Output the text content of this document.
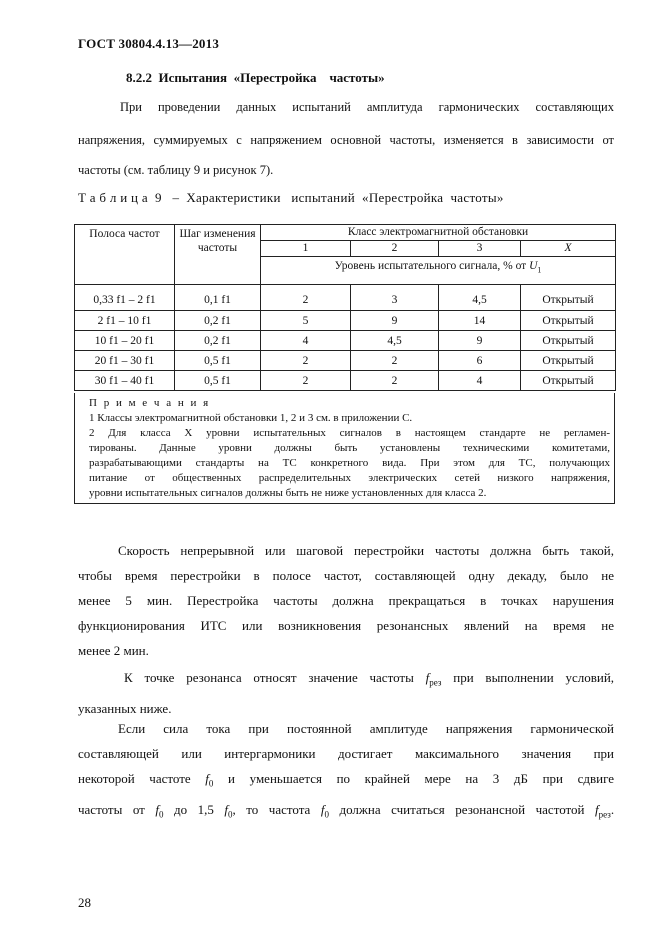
ГОСТ 30804.4.13—2013
8.2.2  Испытания  «Перестройка    частоты»
При проведении данных испытаний амплитуда гармонических составляющих
напряжения, суммируемых с напряжением основной частоты, изменяется в зависимости от
частоты (см. таблицу 9 и рисунок 7).
Т а б л и ц а  9   –  Характеристики   испытаний  «Перестройка  частоты»
Полоса частот	Шаг изменения частоты	Класс электромагнитной обстановки			
		1	2	3	X
		Уровень испытательного сигнала, % от $U_1$

0,33 f1 – 2 f1	0,1 f1	2	3	4,5	Открытый
2 f1 – 10 f1	0,2 f1	5	9	14	Открытый
10 f1 – 20 f1	0,2 f1	4	4,5	9	Открытый
20 f1 – 30 f1	0,5 f1	2	2	6	Открытый
30 f1 – 40 f1	0,5 f1	2	2	4	Открытый
П р и м е ч а н и я
1 Классы электромагнитной обстановки 1, 2 и 3 см. в приложении С.
2 Для класса X уровни испытательных сигналов в настоящем стандарте не регламен-
тированы. Данные уровни должны быть установлены техническими комитетами,
разрабатывающими стандарты на ТС конкретного вида. При этом для ТС, получающих
питание от общественных распределительных электрических сетей низкого напряжения,
уровни испытательных сигналов должны быть не ниже установленных для класса 2.
Скорость непрерывной или шаговой перестройки частоты должна быть такой,
чтобы время перестройки в полосе частот, составляющей одну декаду, было не
менее 5 мин. Перестройка частоты должна прекращаться в точках нарушения
функционирования ИТС или возникновения резонансных явлений на время не
менее 2 мин.
К точке резонанса относят значение частоты $f_{рез}$ при выполнении условий,
указанных ниже.
Если сила тока при постоянной амплитуде напряжения гармонической
составляющей или интергармоники достигает максимального значения при
некоторой частоте $f_0$ и уменьшается по крайней мере на 3 дБ при сдвиге
частоты от $f_0$ до 1,5 $f_0$, то частота $f_0$ должна считаться резонансной частотой $f_{рез}$.
28
